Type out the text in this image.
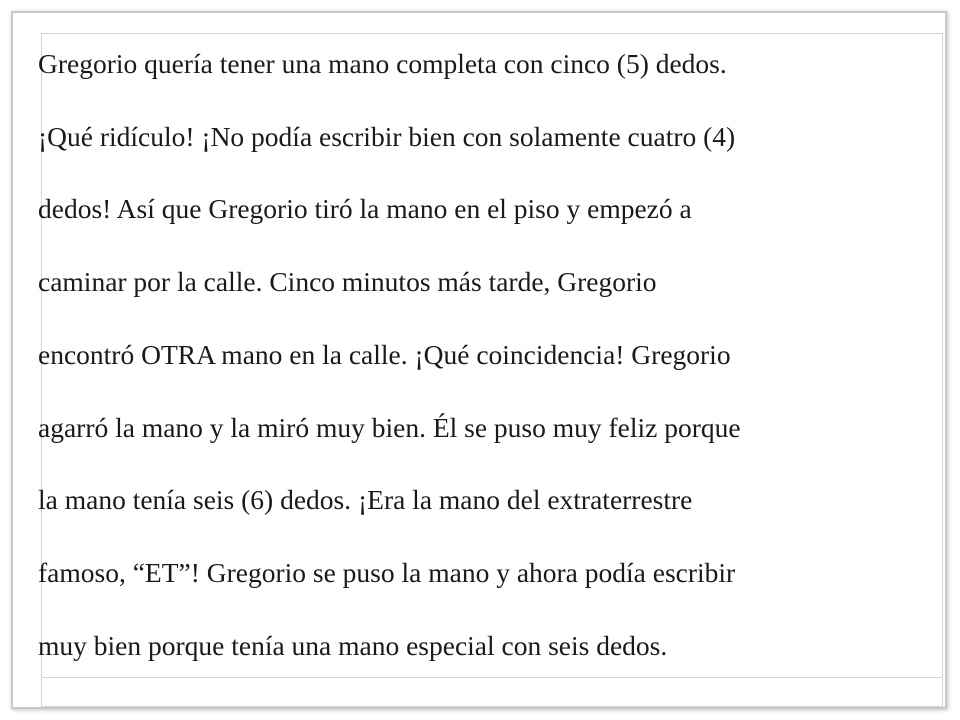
Gregorio quería tener una mano completa con cinco (5) dedos.
¡Qué ridículo! ¡No podía escribir bien con solamente cuatro (4)
dedos! Así que Gregorio tiró la mano en el piso y empezó a
caminar por la calle. Cinco minutos más tarde, Gregorio
encontró OTRA mano en la calle. ¡Qué coincidencia! Gregorio
agarró la mano y la miró muy bien. Él se puso muy feliz porque
la mano tenía seis (6) dedos. ¡Era la mano del extraterrestre
famoso, “ET”! Gregorio se puso la mano y ahora podía escribir
muy bien porque tenía una mano especial con seis dedos.
